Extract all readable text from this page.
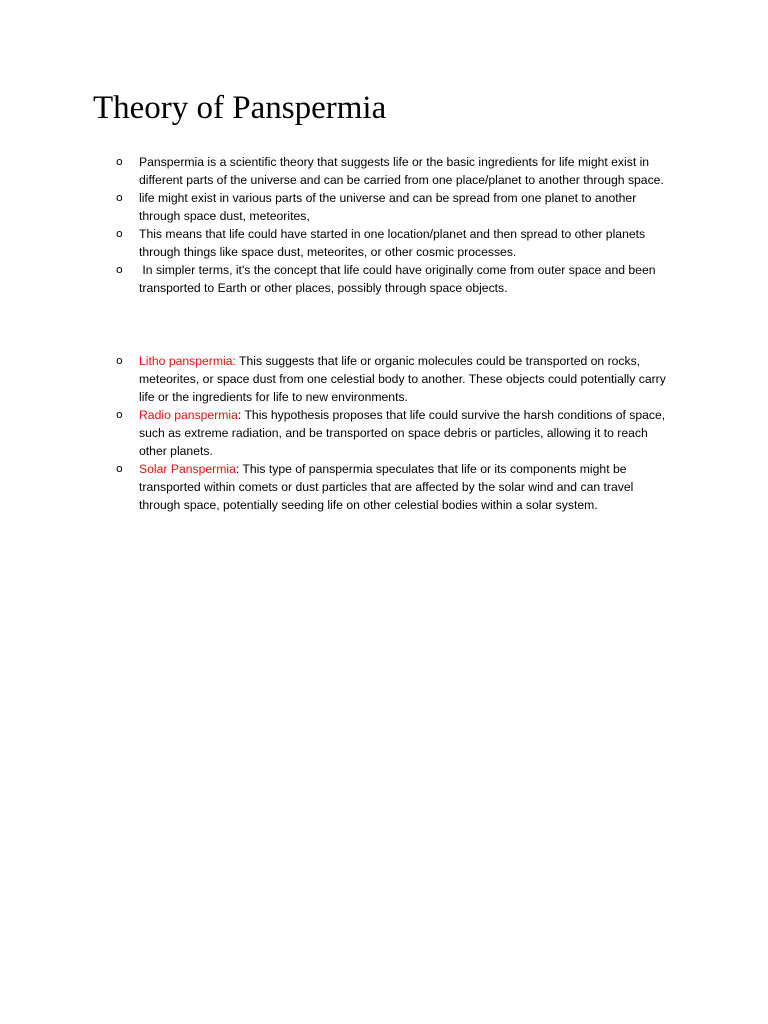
Theory of Panspermia
o Panspermia is a scientific theory that suggests life or the basic ingredients for life might exist in different parts of the universe and can be carried from one place/planet to another through space.
o life might exist in various parts of the universe and can be spread from one planet to another through space dust, meteorites,
o This means that life could have started in one location/planet and then spread to other planets through things like space dust, meteorites, or other cosmic processes.
o In simpler terms, it's the concept that life could have originally come from outer space and been transported to Earth or other places, possibly through space objects.
o Litho panspermia: This suggests that life or organic molecules could be transported on rocks, meteorites, or space dust from one celestial body to another. These objects could potentially carry life or the ingredients for life to new environments.
o Radio panspermia: This hypothesis proposes that life could survive the harsh conditions of space, such as extreme radiation, and be transported on space debris or particles, allowing it to reach other planets.
o Solar Panspermia: This type of panspermia speculates that life or its components might be transported within comets or dust particles that are affected by the solar wind and can travel through space, potentially seeding life on other celestial bodies within a solar system.
